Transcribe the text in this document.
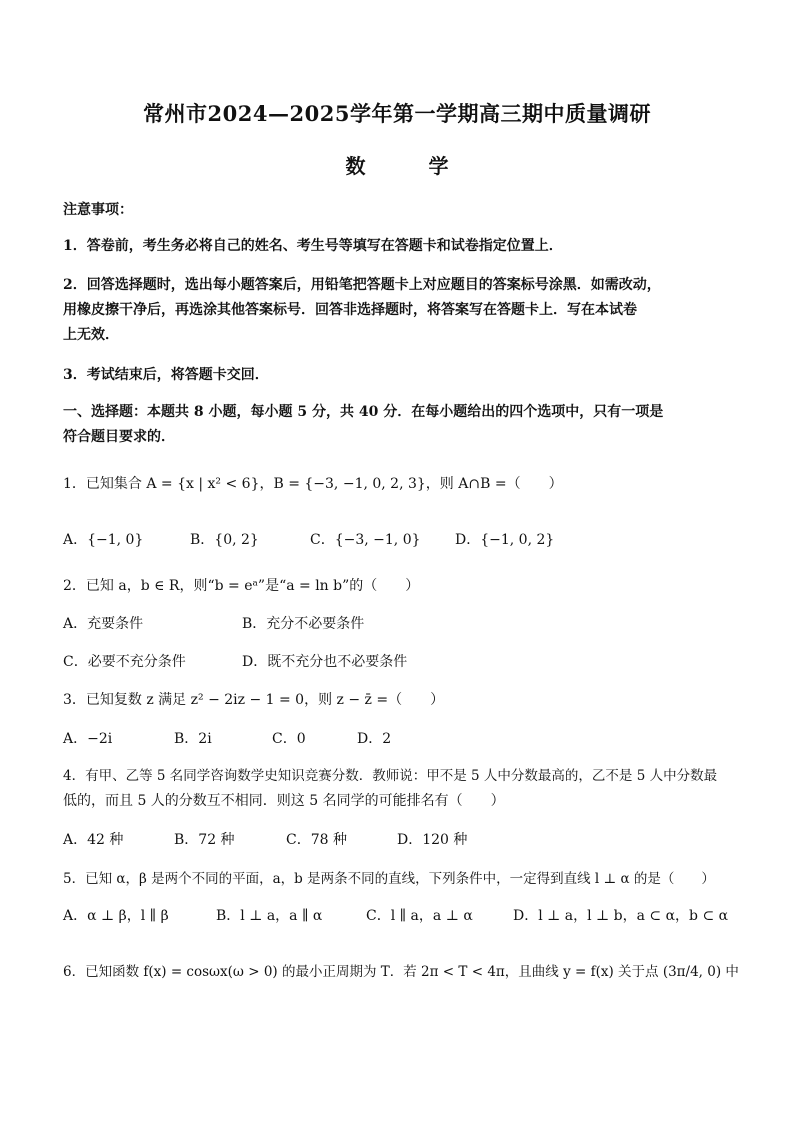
常州市2024—2025学年第一学期高三期中质量调研
数 学
注意事项：
1．答卷前，考生务必将自己的姓名、考生号等填写在答题卡和试卷指定位置上．
2．回答选择题时，选出每小题答案后，用铅笔把答题卡上对应题目的答案标号涂黑．如需改动，
用橡皮擦干净后，再选涂其他答案标号．回答非选择题时，将答案写在答题卡上．写在本试卷
上无效．
3．考试结束后，将答题卡交回．
一、选择题：本题共 8 小题，每小题 5 分，共 40 分．在每小题给出的四个选项中，只有一项是
符合题目要求的．
1．已知集合 A = {x | x² < 6}，B = {−3, −1, 0, 2, 3}，则 A∩B =（　　）
A．{−1, 0}	B．{0, 2}	C．{−3, −1, 0} D．{−1, 0, 2}
2．已知 a，b ∈ R，则“b = eᵃ”是“a = ln b”的（　　）
A．充要条件	B．充分不必要条件
C．必要不充分条件	D．既不充分也不必要条件
3．已知复数 z 满足 z² − 2iz − 1 = 0，则 z − z̄ =（　　）
A．−2i	B．2i	C．0	D．2
4．有甲、乙等 5 名同学咨询数学史知识竞赛分数．教师说：甲不是 5 人中分数最高的，乙不是 5 人中分数最
低的，而且 5 人的分数互不相同．则这 5 名同学的可能排名有（　　）
A．42 种	B．72 种	C．78 种	D．120 种
5．已知 α，β 是两个不同的平面，a，b 是两条不同的直线，下列条件中，一定得到直线 l ⊥ α 的是（　　）
A．α ⊥ β，l ∥ β	B．l ⊥ a，a ∥ α	C．l ∥ a，a ⊥ α	D．l ⊥ a，l ⊥ b，a ⊂ α，b ⊂ α
6．已知函数 f(x) = cosωx(ω > 0) 的最小正周期为 T．若 2π < T < 4π，且曲线 y = f(x) 关于点 (3π/4, 0) 中
